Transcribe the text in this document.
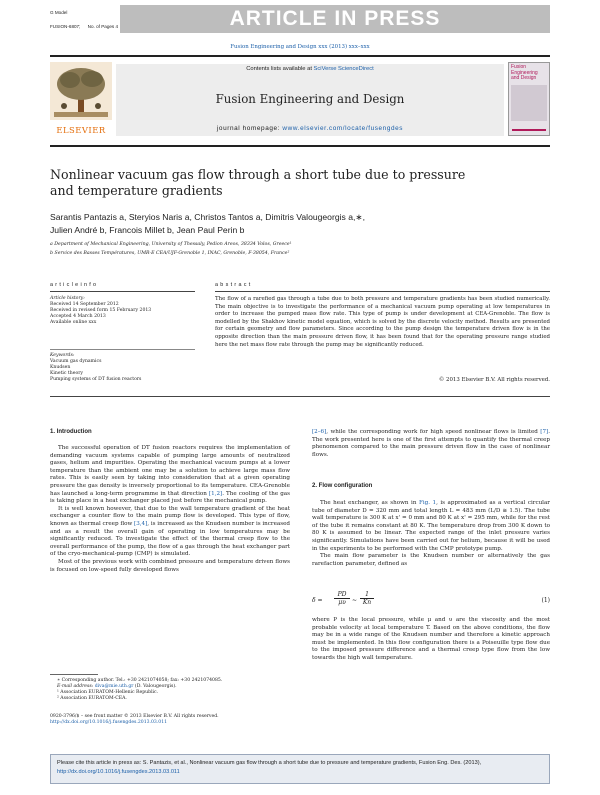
G Model
FUSION-6807; No. of Pages 4	ARTICLE IN PRESS
Fusion Engineering and Design xxx (2013) xxx–xxx
ELSEVIER
Contents lists available at SciVerse ScienceDirect
Fusion Engineering and Design
journal homepage: www.elsevier.com/locate/fusengdes
Fusion Engineering and Design
Nonlinear vacuum gas flow through a short tube due to pressure
and temperature gradients
Sarantis Pantazis a, Steryios Naris a, Christos Tantos a, Dimitris Valougeorgis a,∗,
Julien André b, Francois Millet b, Jean Paul Perin b
a Department of Mechanical Engineering, University of Thessaly, Pedion Areos, 38334 Volos, Greece¹
b Service des Basses Températures, UMR-E CEA/UJF-Grenoble 1, INAC, Grenoble, F-38054, France²
a r t i c l e i n f o
Article history:
Received 14 September 2012
Received in revised form 15 February 2013
Accepted 4 March 2013
Available online xxx
Keywords:
Vacuum gas dynamics
Knudsen
Kinetic theory
Pumping systems of DT fusion reactors
a b s t r a c t
The flow of a rarefied gas through a tube due to both pressure and temperature gradients has been studied numerically. The main objective is to investigate the performance of a mechanical vacuum pump operating at low temperatures in order to increase the pumped mass flow rate. This type of pump is under development at CEA-Grenoble. The flow is modelled by the Shakhov kinetic model equation, which is solved by the discrete velocity method. Results are presented for certain geometry and flow parameters. Since according to the pump design the temperature driven flow is in the opposite direction than the main pressure driven flow, it has been found that for the operating pressure range studied here the net mass flow rate through the pump may be significantly reduced.
© 2013 Elsevier B.V. All rights reserved.
1. Introduction

The successful operation of DT fusion reactors requires the implementation of demanding vacuum systems capable of pumping large amounts of neutralized gases, helium and impurities. Operating the mechanical vacuum pumps at a lower temperature than the ambient one may be a solution to achieve large mass flow rates. This is easily seen by taking into consideration that at a given operating pressure the gas density is inversely proportional to its temperature. CEA-Grenoble has launched a long-term programme in that direction [1,2]. The cooling of the gas is taking place in a heat exchanger placed just before the mechanical pump.

It is well known however, that due to the wall temperature gradient of the heat exchanger a counter flow to the main pump flow is developed. This type of flow, known as thermal creep flow [3,4], is increased as the Knudsen number is increased and as a result the overall gain of operating in low temperatures may be significantly reduced. To investigate the effect of the thermal creep flow to the overall performance of the pump, the flow of a gas through the heat exchanger part of the cryo-mechanical-pump (CMP) is simulated.

Most of the previous work with combined pressure and temperature driven flows is focused on low-speed fully developed flows

∗ Corresponding author. Tel.: +30 2421074058; fax: +30 2421074085.
E-mail address: diva@mie.uth.gr (D. Valougeorgis).
¹ Association EURATOM-Hellenic Republic.
² Association EURATOM-CEA.
0920-3796/$ – see front matter © 2013 Elsevier B.V. All rights reserved.
http://dx.doi.org/10.1016/j.fusengdes.2013.03.011

[2–6], while the corresponding work for high speed nonlinear flows is limited [7]. The work presented here is one of the first attempts to quantify the thermal creep phenomenon compared to the main pressure driven flow in the case of nonlinear flows.

2. Flow configuration

The heat exchanger, as shown in Fig. 1, is approximated as a vertical circular tube of diameter D = 320 mm and total length L = 483 mm (L/D ≅ 1.5). The tube wall temperature is 300 K at x' = 0 mm and 80 K at x' = 295 mm, while for the rest of the tube it remains constant at 80 K. The temperature drop from 300 K down to 80 K is assumed to be linear. The expected range of the inlet pressure varies significantly. Simulations have been carried out for helium, because it will be used in the experiments to be performed with the CMP prototype pump.

The main flow parameter is the Knudsen number or alternatively the gas rarefaction parameter, defined as

$\delta = \frac{PD}{\mu\upsilon}$ ~ $\frac{1}{Kn}$	(1)

where P is the local pressure, while μ and υ are the viscosity and the most probable velocity at local temperature T. Based on the above conditions, the flow may be in a wide range of the Knudsen number and therefore a kinetic approach must be implemented. In this flow configuration there is a Poiseuille type flow due to the imposed pressure difference and a thermal creep type flow from the low towards the high wall temperature.

Please cite this article in press as: S. Pantazis, et al., Nonlinear vacuum gas flow through a short tube due to pressure and temperature gradients, Fusion Eng. Des. (2013), http://dx.doi.org/10.1016/j.fusengdes.2013.03.011
